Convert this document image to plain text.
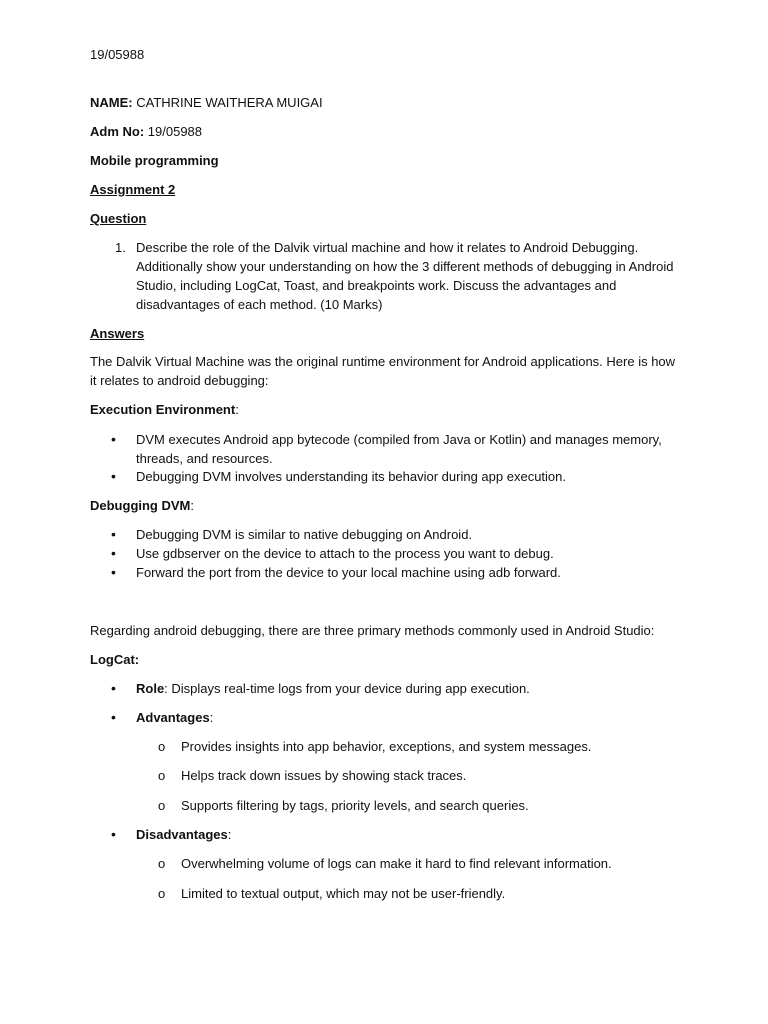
19/05988
NAME: CATHRINE WAITHERA MUIGAI
Adm No: 19/05988
Mobile programming
Assignment 2
Question
1. Describe the role of the Dalvik virtual machine and how it relates to Android Debugging. Additionally show your understanding on how the 3 different methods of debugging in Android Studio, including LogCat, Toast, and breakpoints work. Discuss the advantages and disadvantages of each method. (10 Marks)
Answers
The Dalvik Virtual Machine was the original runtime environment for Android applications. Here is how it relates to android debugging:
Execution Environment:
• DVM executes Android app bytecode (compiled from Java or Kotlin) and manages memory, threads, and resources.
• Debugging DVM involves understanding its behavior during app execution.
Debugging DVM:
• Debugging DVM is similar to native debugging on Android.
• Use gdbserver on the device to attach to the process you want to debug.
• Forward the port from the device to your local machine using adb forward.
Regarding android debugging, there are three primary methods commonly used in Android Studio:
LogCat:
• Role: Displays real-time logs from your device during app execution.
• Advantages:
o Provides insights into app behavior, exceptions, and system messages.
o Helps track down issues by showing stack traces.
o Supports filtering by tags, priority levels, and search queries.
• Disadvantages:
o Overwhelming volume of logs can make it hard to find relevant information.
o Limited to textual output, which may not be user-friendly.
